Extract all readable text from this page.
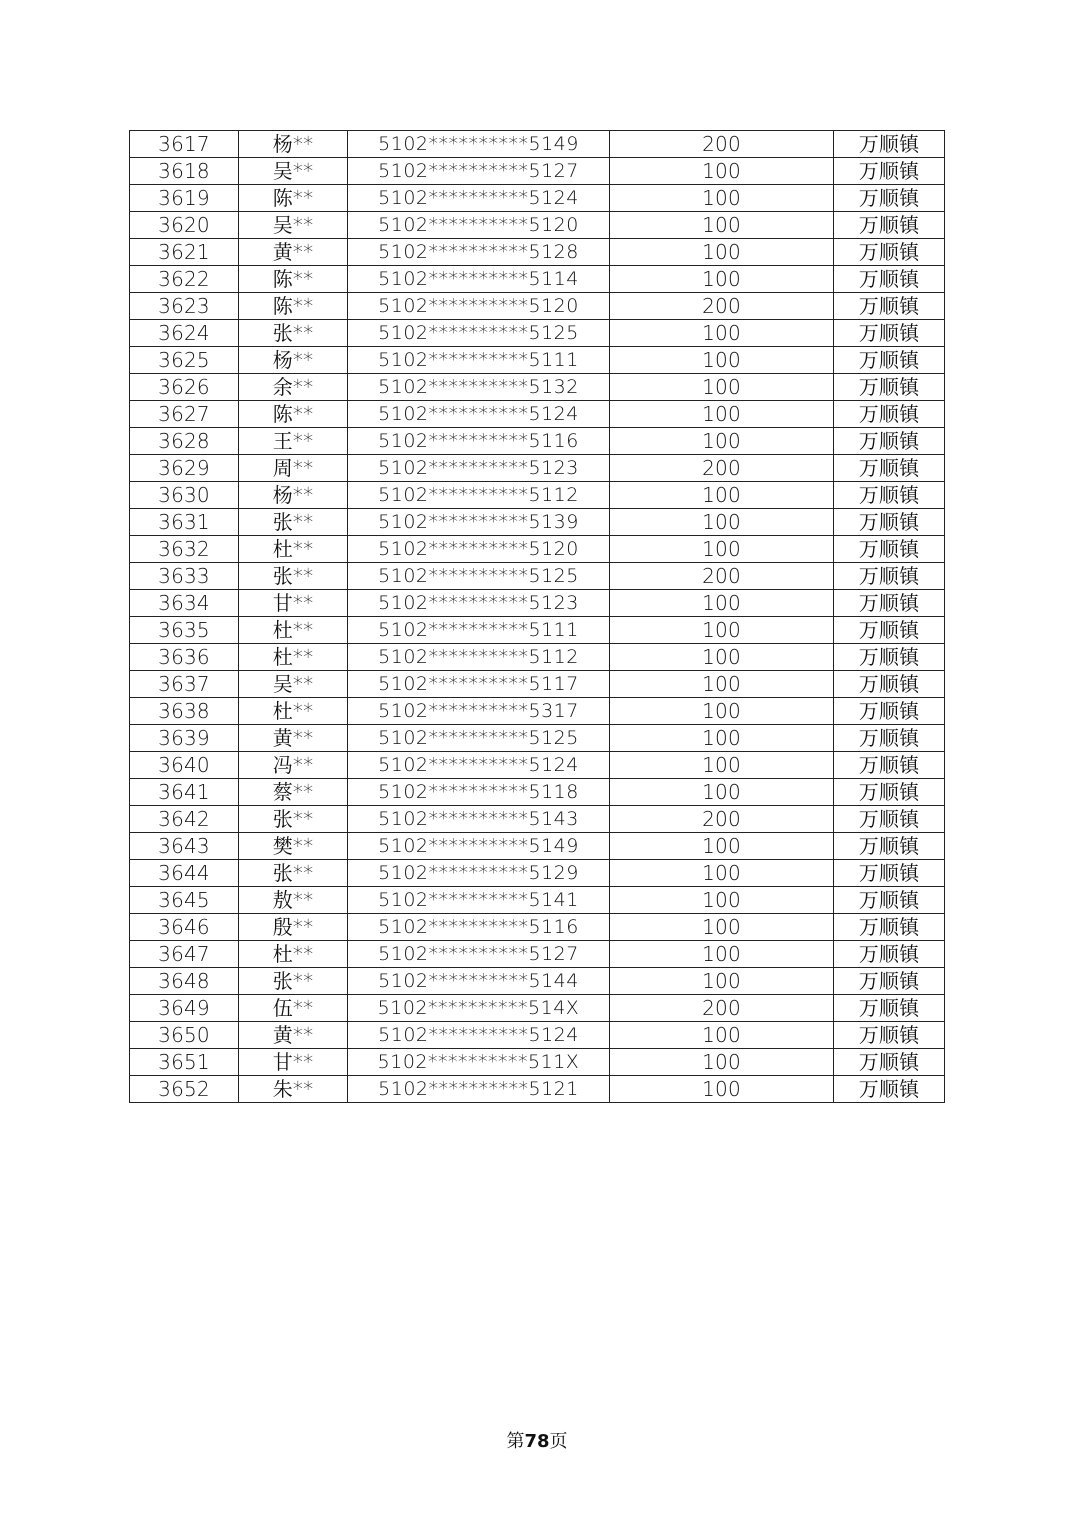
3617	杨**	5102**********5149	200	万顺镇
3618	吴**	5102**********5127	100	万顺镇
3619	陈**	5102**********5124	100	万顺镇
3620	吴**	5102**********5120	100	万顺镇
3621	黄**	5102**********5128	100	万顺镇
3622	陈**	5102**********5114	100	万顺镇
3623	陈**	5102**********5120	200	万顺镇
3624	张**	5102**********5125	100	万顺镇
3625	杨**	5102**********5111	100	万顺镇
3626	余**	5102**********5132	100	万顺镇
3627	陈**	5102**********5124	100	万顺镇
3628	王**	5102**********5116	100	万顺镇
3629	周**	5102**********5123	200	万顺镇
3630	杨**	5102**********5112	100	万顺镇
3631	张**	5102**********5139	100	万顺镇
3632	杜**	5102**********5120	100	万顺镇
3633	张**	5102**********5125	200	万顺镇
3634	甘**	5102**********5123	100	万顺镇
3635	杜**	5102**********5111	100	万顺镇
3636	杜**	5102**********5112	100	万顺镇
3637	吴**	5102**********5117	100	万顺镇
3638	杜**	5102**********5317	100	万顺镇
3639	黄**	5102**********5125	100	万顺镇
3640	冯**	5102**********5124	100	万顺镇
3641	蔡**	5102**********5118	100	万顺镇
3642	张**	5102**********5143	200	万顺镇
3643	樊**	5102**********5149	100	万顺镇
3644	张**	5102**********5129	100	万顺镇
3645	敖**	5102**********5141	100	万顺镇
3646	殷**	5102**********5116	100	万顺镇
3647	杜**	5102**********5127	100	万顺镇
3648	张**	5102**********5144	100	万顺镇
3649	伍**	5102**********514X	200	万顺镇
3650	黄**	5102**********5124	100	万顺镇
3651	甘**	5102**********511X	100	万顺镇
3652	朱**	5102**********5121	100	万顺镇
第78页
